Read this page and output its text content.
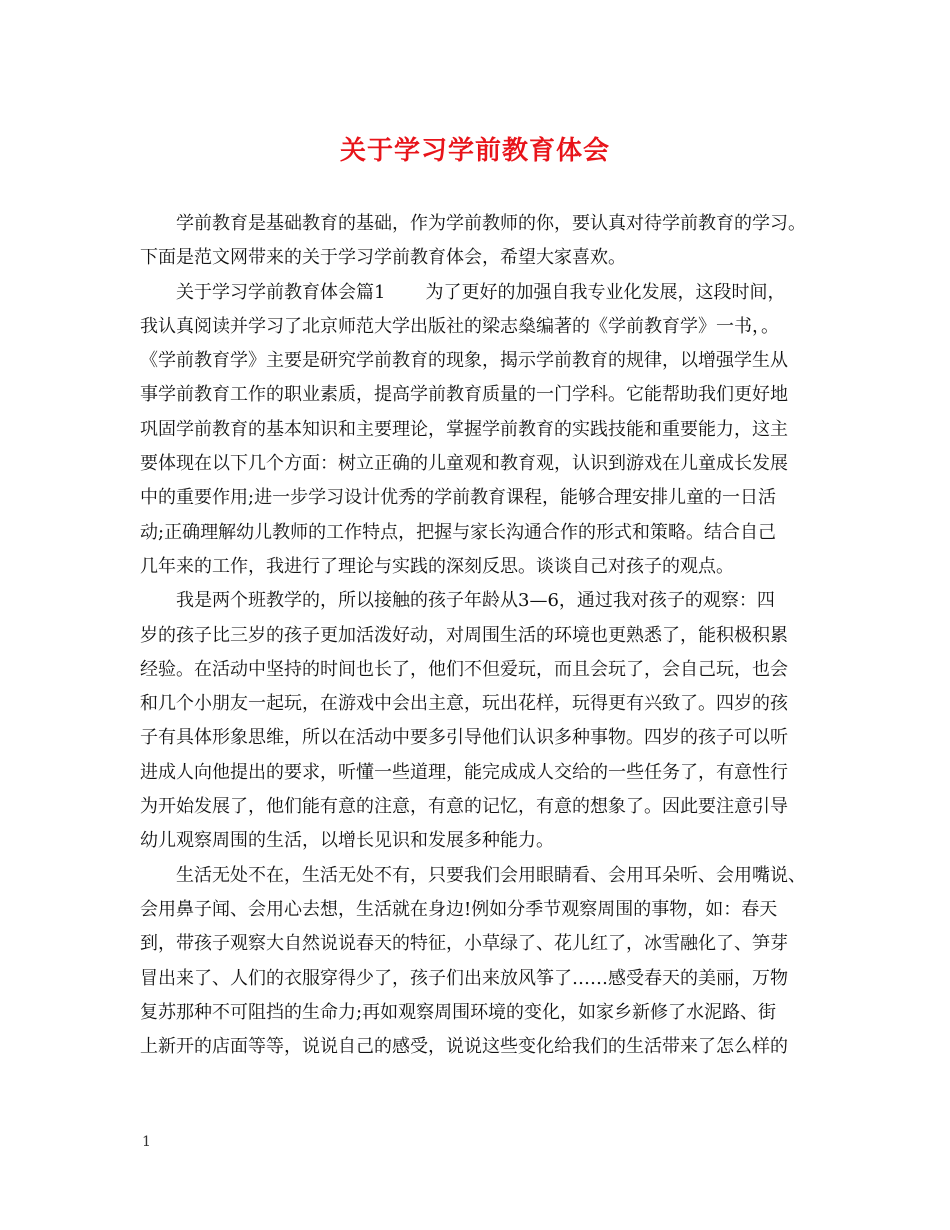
关于学习学前教育体会
学前教育是基础教育的基础，作为学前教师的你，要认真对待学前教育的学习。
下面是范文网带来的关于学习学前教育体会，希望大家喜欢。
关于学习学前教育体会篇1 为了更好的加强自我专业化发展，这段时间，
我认真阅读并学习了北京师范大学出版社的梁志燊编著的《学前教育学》一书，。
《学前教育学》主要是研究学前教育的现象，揭示学前教育的规律，以增强学生从
事学前教育工作的职业素质，提高学前教育质量的一门学科。它能帮助我们更好地
巩固学前教育的基本知识和主要理论，掌握学前教育的实践技能和重要能力，这主
要体现在以下几个方面：树立正确的儿童观和教育观，认识到游戏在儿童成长发展
中的重要作用;进一步学习设计优秀的学前教育课程，能够合理安排儿童的一日活
动;正确理解幼儿教师的工作特点，把握与家长沟通合作的形式和策略。结合自己
几年来的工作，我进行了理论与实践的深刻反思。谈谈自己对孩子的观点。
我是两个班教学的，所以接触的孩子年龄从3—6，通过我对孩子的观察：四
岁的孩子比三岁的孩子更加活泼好动，对周围生活的环境也更熟悉了，能积极积累
经验。在活动中坚持的时间也长了，他们不但爱玩，而且会玩了，会自己玩，也会
和几个小朋友一起玩，在游戏中会出主意，玩出花样，玩得更有兴致了。四岁的孩
子有具体形象思维，所以在活动中要多引导他们认识多种事物。四岁的孩子可以听
进成人向他提出的要求，听懂一些道理，能完成成人交给的一些任务了，有意性行
为开始发展了，他们能有意的注意，有意的记忆，有意的想象了。因此要注意引导
幼儿观察周围的生活，以增长见识和发展多种能力。
生活无处不在，生活无处不有，只要我们会用眼睛看、会用耳朵听、会用嘴说、
会用鼻子闻、会用心去想，生活就在身边!例如分季节观察周围的事物，如：春天
到，带孩子观察大自然说说春天的特征，小草绿了、花儿红了，冰雪融化了、笋芽
冒出来了、人们的衣服穿得少了，孩子们出来放风筝了……感受春天的美丽，万物
复苏那种不可阻挡的生命力;再如观察周围环境的变化，如家乡新修了水泥路、街
上新开的店面等等，说说自己的感受，说说这些变化给我们的生活带来了怎么样的
1
